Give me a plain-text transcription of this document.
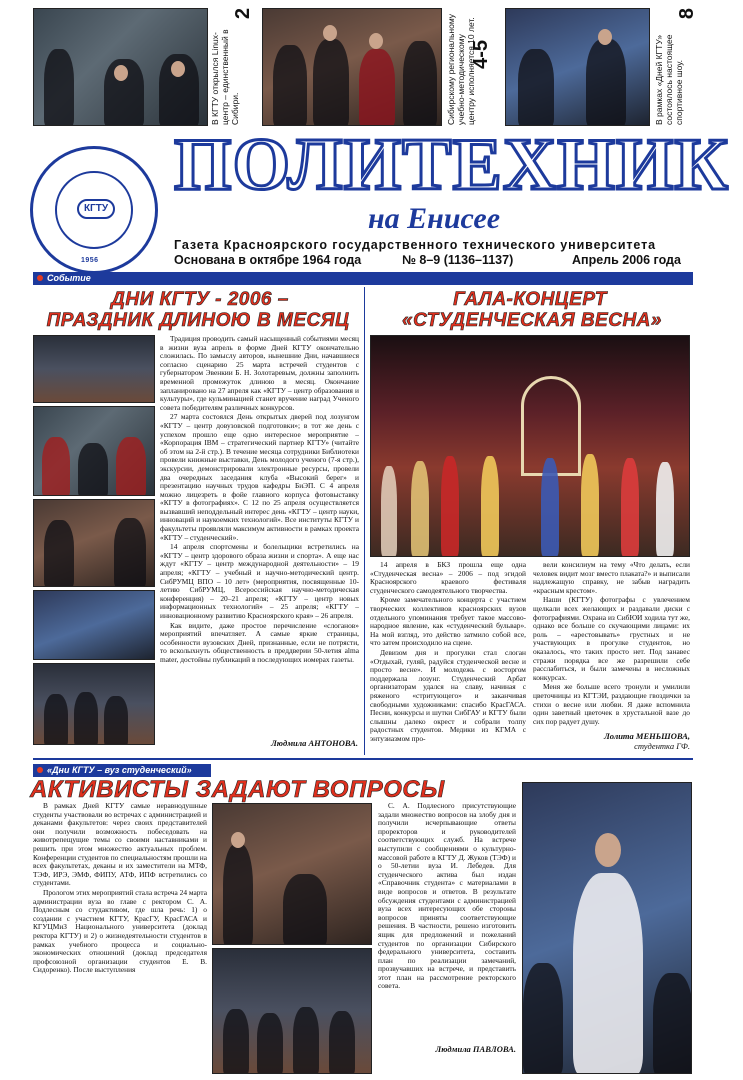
В КГТУ открылся Linux-центр – единственный в Сибири.
2
Сибирскому региональному учебно-методическому центру исполняется 10 лет.
4-5	В рамках «Дней КГТУ» состоялось настоящее спортивное шоу.
8
КГТУ
1956
ПОЛИТЕХНИК
на Енисее
Газета Красноярского государственного технического университета
Основана в октябре 1964 года	№ 8–9 (1136–1137)	Апрель 2006 года
Событие
ДНИ КГТУ - 2006 –
ПРАЗДНИК ДЛИНОЮ В МЕСЯЦ

Традиция проводить самый насыщенный событиями месяц в жизни вуза апрель в форме Дней КГТУ окончательно сложилась. По замыслу авторов, нынешние Дни, начавшиеся согласно сценарию 25 марта встречей студентов с губернатором Эвенкии Б. Н. Золотаревым, должны заполнить временной промежуток длиною в месяц. Окончание запланировано на 27 апреля как «КГТУ – центр образования и культуры», где кульминацией станет вручение наград Ученого совета победителям различных конкурсов.

27 марта состоялся День открытых дверей под лозунгом «КГТУ – центр довузовской подготовки»; в тот же день с успехом прошло еще одно интересное мероприятие – «Корпорация IBM – стратегический партнер КГТУ» (читайте об этом на 2-й стр.). В течение месяца сотрудники Библиотеки провели книжные выставки, День молодого ученого (7-я стр.), экскурсии, демонстрировали электронные ресурсы, провели два очередных заседания клуба «Высокий берег» и презентацию научных трудов кафедры БиЭП. С 4 апреля можно лицезреть в фойе главного корпуса фотовыставку «КГТУ в фотографиях». С 12 по 25 апреля осуществляется вызвавший неподдельный интерес день «КГТУ – центр науки, инноваций и наукоемких технологий». Все институты КГТУ и факультеты проявляли максимум активности в рамках проекта «КГТУ – студенческий».

14 апреля спортсмены и болельщики встретились на «КГТУ – центр здорового образа жизни и спорта». А еще нас ждут «КГТУ – центр международной деятельности» – 19 апреля; «КГТУ – учебный и научно-методический центр. СибРУМЦ ВПО – 10 лет» (мероприятия, посвященные 10-летию СибРУМЦ, Всероссийская научно-методическая конференция) – 20–21 апреля; «КГТУ – центр новых информационных технологий» – 25 апреля; «КГТУ – инновационному развитию Красноярского края» – 26 апреля.

Как видите, даже простое перечисление «слоганов» мероприятий впечатляет. А самые яркие страницы, особенности вузовских Дней, признанные, если не потрясти, то всколыхнуть общественность в преддверии 50-летия alma mater, достойны публикаций в последующих номерах газеты.

Людмила АНТОНОВА.
ГАЛА-КОНЦЕРТ
«СТУДЕНЧЕСКАЯ ВЕСНА»

14 апреля в БКЗ прошла еще одна «Студенческая весна» – 2006 – под эгидой Красноярского краевого фестиваля студенческого самодеятельного творчества.

Кроме замечательного концерта с участием творческих коллективов красноярских вузов отдельного упоминания требует такое массово-народное явление, как «студенческий бульвар». На мой взгляд, это действо затмило собой все, что затем происходило на сцене.

Девизом дня и прогулки стал слоган «Отдыхай, гуляй, радуйся студенческой весне и просто весне». И молодежь с восторгом поддержала лозунг. Студенческий Арбат организаторам удался на славу, начиная с ряженого «стритующего» и заканчивая свободными художниками: спасибо КрасГАСА. Песни, конкурсы и шутки СибГАУ и КГТУ были слышны далеко окрест и собрали толпу радостных студентов. Медики из КГМА с энтузиазмом про-

вели консилиум на тему «Что делать, если человек видит мозг вместо плаката?» и выписали надлежащую справку, не забыв наградить «красным крестом».

Наши (КГТУ) фотографы с увлечением щелкали всех желающих и раздавали диски с фотографиями. Охрана из СибЮИ ходила тут же, однако все больше со скучающими лицами: их роль – «арестовывать» грустных и не участвующих в прогулке студентов, но оказалось, что таких просто нет. Под занавес стражи порядка все же разрешили себе расслабиться, и были замечены в несложных конкурсах.

Меня же больше всего тронули и умилили цветочницы из КГТЭИ, раздающие гвоздички за стихи о весне или любви. Я даже вспомнила один заветный цветочек в хрустальной вазе до сих пор радует душу.

Лолита МЕНЬШОВА,
студентка ГФ.
«Дни КГТУ – вуз студенческий»
АКТИВИСТЫ ЗАДАЮТ ВОПРОСЫ

В рамках Дней КГТУ самые неравнодушные студенты участвовали во встречах с администрацией и деканами факультетов: через своих представителей они получили возможность побеседовать на животрепещущие темы со своими наставниками и решить при этом множество актуальных проблем. Конференции студентов по специальностям прошли на всех факультетах, деканы и их заместители на МТФ, ТЭФ, ИРЭ, ЭМФ, ФИПУ, АТФ, ИПФ встретились со студентами.

Прологом этих мероприятий стала встреча 24 марта администрации вуза во главе с ректором С. А. Подлесным со студактивом, где шла речь: 1) о создании с участием КГТУ, КрасГУ, КрасГАСА и КГУЦМиЗ Национального университета (доклад ректора КГТУ) и 2) о жизнедеятельности студентов в рамках учебного процесса и социально-экономических отношений (доклад председателя профсоюзной организации студентов Е. В. Сидоренко). После выступления

С. А. Подлесного присутствующие задали множество вопросов на злобу дня и получили исчерпывающие ответы проректоров и руководителей соответствующих служб. На встрече выступили с сообщениями о культурно-массовой работе в КГТУ Д. Жуков (ТЭФ) и о 50-летии вуза И. Лебедев. Для студенческого актива был издан «Справочник студента» с материалами в виде вопросов и ответов. В результате обсуждения студентами с администрацией вуза всех интересующих обе стороны вопросов приняты соответствующие решения. В частности, решено изготовить ящик для предложений и пожеланий студентов по организации Сибирского федерального университета, составить план по реализации замечаний, прозвучавших на встрече, и представить этот план на рассмотрение ректорского совета.

Людмила ПАВЛОВА.
